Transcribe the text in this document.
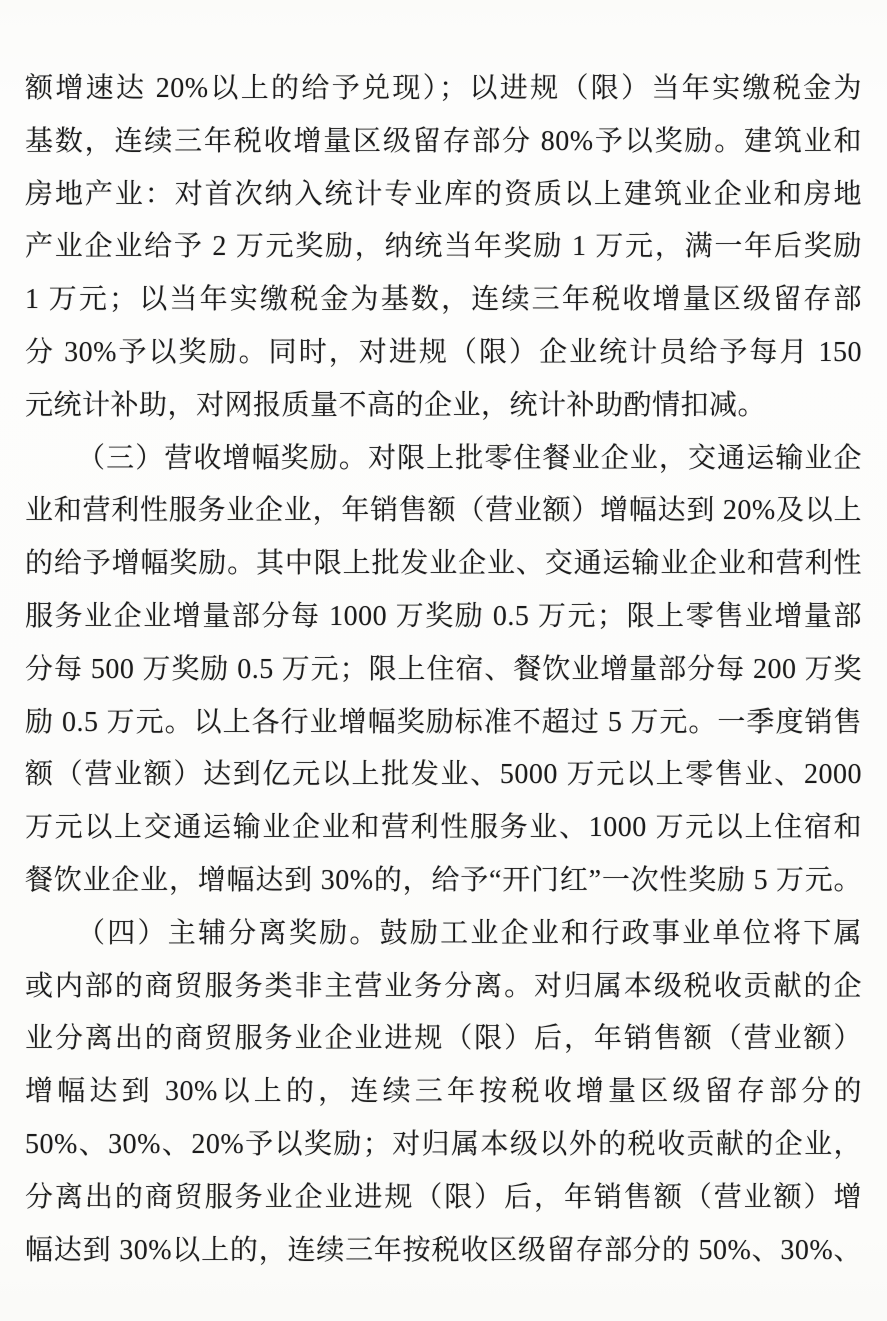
额增速达 20%以上的给予兑现）；以进规（限）当年实缴税金为
基数，连续三年税收增量区级留存部分 80%予以奖励。建筑业和
房地产业：对首次纳入统计专业库的资质以上建筑业企业和房地
产业企业给予 2 万元奖励，纳统当年奖励 1 万元，满一年后奖励
1 万元；以当年实缴税金为基数，连续三年税收增量区级留存部
分 30%予以奖励。同时，对进规（限）企业统计员给予每月 150
元统计补助，对网报质量不高的企业，统计补助酌情扣减。
（三）营收增幅奖励。对限上批零住餐业企业，交通运输业企
业和营利性服务业企业，年销售额（营业额）增幅达到 20%及以上
的给予增幅奖励。其中限上批发业企业、交通运输业企业和营利性
服务业企业增量部分每 1000 万奖励 0.5 万元；限上零售业增量部
分每 500 万奖励 0.5 万元；限上住宿、餐饮业增量部分每 200 万奖
励 0.5 万元。以上各行业增幅奖励标准不超过 5 万元。一季度销售
额（营业额）达到亿元以上批发业、5000 万元以上零售业、2000
万元以上交通运输业企业和营利性服务业、1000 万元以上住宿和
餐饮业企业，增幅达到 30%的，给予“开门红”一次性奖励 5 万元。
（四）主辅分离奖励。鼓励工业企业和行政事业单位将下属
或内部的商贸服务类非主营业务分离。对归属本级税收贡献的企
业分离出的商贸服务业企业进规（限）后，年销售额（营业额）
增幅达到 30%以上的，连续三年按税收增量区级留存部分的
50%、30%、20%予以奖励；对归属本级以外的税收贡献的企业，
分离出的商贸服务业企业进规（限）后，年销售额（营业额）增
幅达到 30%以上的，连续三年按税收区级留存部分的 50%、30%、
